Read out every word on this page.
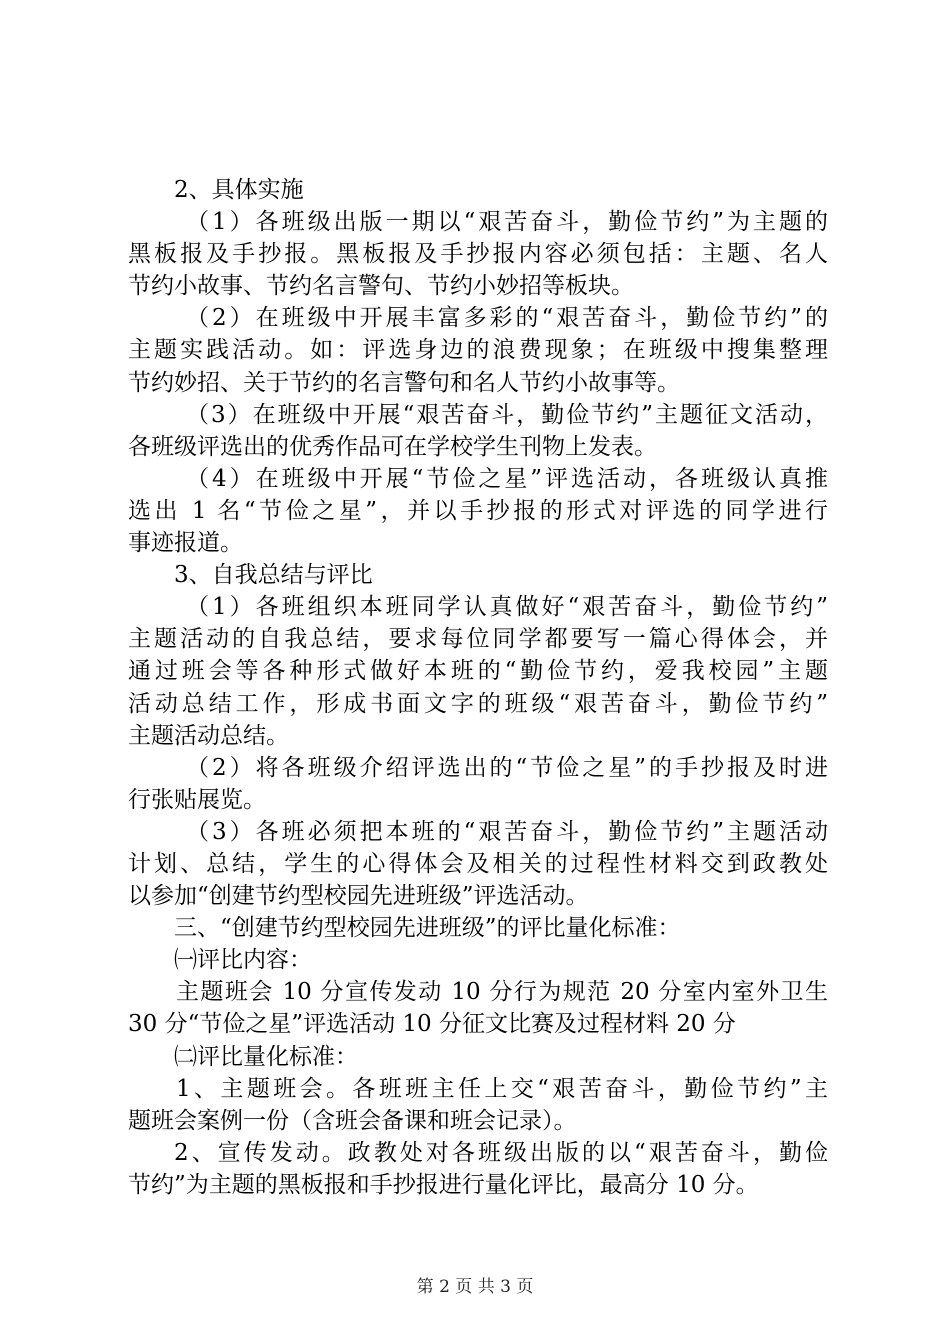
2、具体实施

（1）各班级出版一期以“艰苦奋斗，勤俭节约”为主题的

黑板报及手抄报。黑板报及手抄报内容必须包括：主题、名人

节约小故事、节约名言警句、节约小妙招等板块。

（2）在班级中开展丰富多彩的“艰苦奋斗，勤俭节约”的

主题实践活动。如：评选身边的浪费现象；在班级中搜集整理

节约妙招、关于节约的名言警句和名人节约小故事等。

（3）在班级中开展“艰苦奋斗，勤俭节约”主题征文活动，

各班级评选出的优秀作品可在学校学生刊物上发表。

（4）在班级中开展“节俭之星”评选活动，各班级认真推

选出 1 名“节俭之星”，并以手抄报的形式对评选的同学进行

事迹报道。

3、自我总结与评比

（1）各班组织本班同学认真做好“艰苦奋斗，勤俭节约”

主题活动的自我总结，要求每位同学都要写一篇心得体会，并

通过班会等各种形式做好本班的“勤俭节约，爱我校园”主题

活动总结工作，形成书面文字的班级“艰苦奋斗，勤俭节约”

主题活动总结。

（2）将各班级介绍评选出的“节俭之星”的手抄报及时进

行张贴展览。

（3）各班必须把本班的“艰苦奋斗，勤俭节约”主题活动

计划、总结，学生的心得体会及相关的过程性材料交到政教处

以参加“创建节约型校园先进班级”评选活动。

三、“创建节约型校园先进班级”的评比量化标准：

㈠评比内容：

主题班会 10 分宣传发动 10 分行为规范 20 分室内室外卫生

30 分“节俭之星”评选活动 10 分征文比赛及过程材料 20 分

㈡评比量化标准：

1、主题班会。各班班主任上交“艰苦奋斗，勤俭节约”主

题班会案例一份（含班会备课和班会记录）。

2、宣传发动。政教处对各班级出版的以“艰苦奋斗，勤俭

节约”为主题的黑板报和手抄报进行量化评比，最高分 10 分。

第 2 页 共 3 页
